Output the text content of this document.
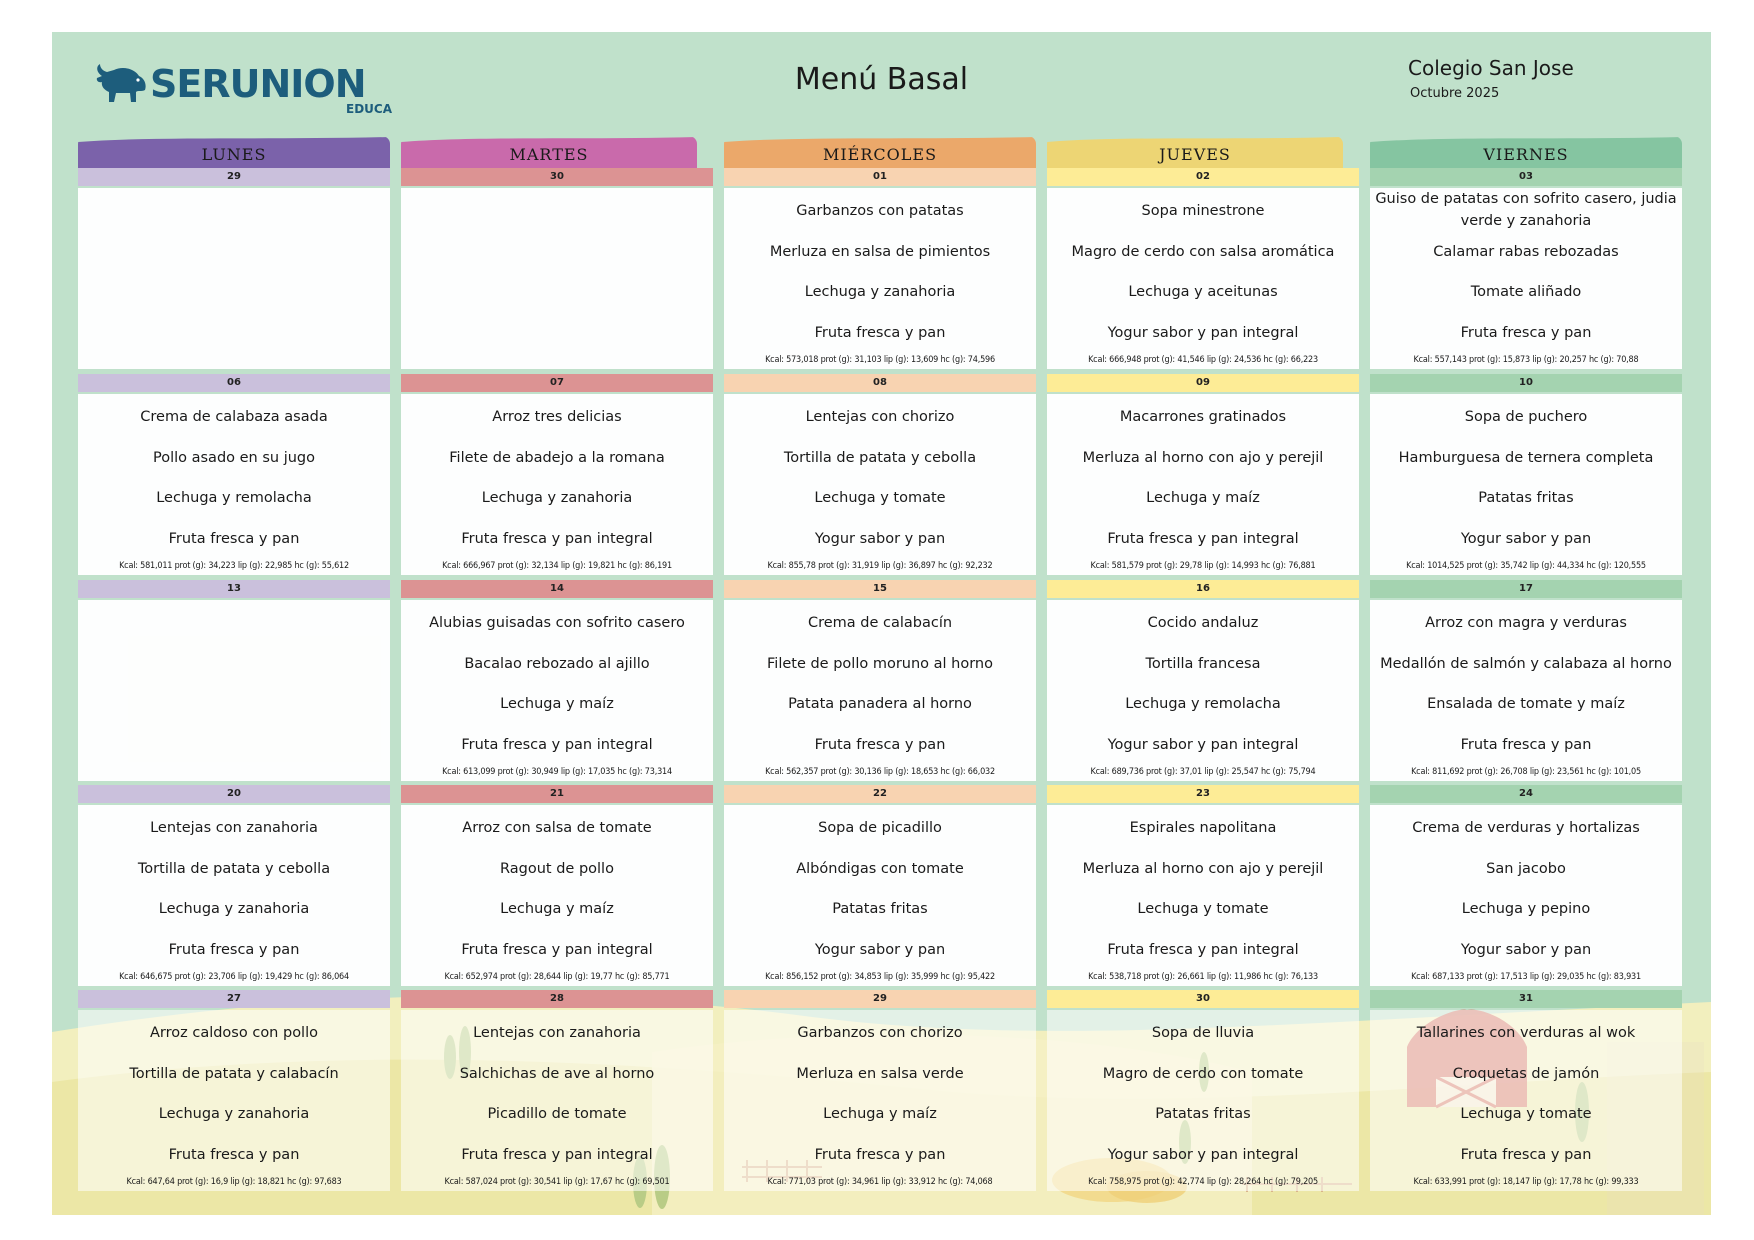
SERUNION
EDUCA
Menú Basal	Colegio San Jose
Octubre 2025
LUNES	MARTES	MIÉRCOLES	JUEVES	VIERNES
29	30	01
Garbanzos con patatas
Merluza en salsa de pimientos
Lechuga y zanahoria
Fruta fresca y pan
Kcal: 573,018 prot (g): 31,103 lip (g): 13,609 hc (g): 74,596
02
Sopa minestrone
Magro de cerdo con salsa aromática
Lechuga y aceitunas
Yogur sabor y pan integral
Kcal: 666,948 prot (g): 41,546 lip (g): 24,536 hc (g): 66,223
03
Guiso de patatas con sofrito casero, judia verde y zanahoria
Calamar rabas rebozadas
Tomate aliñado
Fruta fresca y pan
Kcal: 557,143 prot (g): 15,873 lip (g): 20,257 hc (g): 70,88
06
Crema de calabaza asada
Pollo asado en su jugo
Lechuga y remolacha
Fruta fresca y pan
Kcal: 581,011 prot (g): 34,223 lip (g): 22,985 hc (g): 55,612
07
Arroz tres delicias
Filete de abadejo a la romana
Lechuga y zanahoria
Fruta fresca y pan integral
Kcal: 666,967 prot (g): 32,134 lip (g): 19,821 hc (g): 86,191
08
Lentejas con chorizo
Tortilla de patata y cebolla
Lechuga y tomate
Yogur sabor y pan
Kcal: 855,78 prot (g): 31,919 lip (g): 36,897 hc (g): 92,232
09
Macarrones gratinados
Merluza al horno con ajo y perejil
Lechuga y maíz
Fruta fresca y pan integral
Kcal: 581,579 prot (g): 29,78 lip (g): 14,993 hc (g): 76,881
10
Sopa de puchero
Hamburguesa de ternera completa
Patatas fritas
Yogur sabor y pan
Kcal: 1014,525 prot (g): 35,742 lip (g): 44,334 hc (g): 120,555
13	14
Alubias guisadas con sofrito casero
Bacalao rebozado al ajillo
Lechuga y maíz
Fruta fresca y pan integral
Kcal: 613,099 prot (g): 30,949 lip (g): 17,035 hc (g): 73,314
15
Crema de calabacín
Filete de pollo moruno al horno
Patata panadera al horno
Fruta fresca y pan
Kcal: 562,357 prot (g): 30,136 lip (g): 18,653 hc (g): 66,032
16
Cocido andaluz
Tortilla francesa
Lechuga y remolacha
Yogur sabor y pan integral
Kcal: 689,736 prot (g): 37,01 lip (g): 25,547 hc (g): 75,794
17
Arroz con magra y verduras
Medallón de salmón y calabaza al horno
Ensalada de tomate y maíz
Fruta fresca y pan
Kcal: 811,692 prot (g): 26,708 lip (g): 23,561 hc (g): 101,05
20
Lentejas con zanahoria
Tortilla de patata y cebolla
Lechuga y zanahoria
Fruta fresca y pan
Kcal: 646,675 prot (g): 23,706 lip (g): 19,429 hc (g): 86,064
21
Arroz con salsa de tomate
Ragout de pollo
Lechuga y maíz
Fruta fresca y pan integral
Kcal: 652,974 prot (g): 28,644 lip (g): 19,77 hc (g): 85,771
22
Sopa de picadillo
Albóndigas con tomate
Patatas fritas
Yogur sabor y pan
Kcal: 856,152 prot (g): 34,853 lip (g): 35,999 hc (g): 95,422
23
Espirales napolitana
Merluza al horno con ajo y perejil
Lechuga y tomate
Fruta fresca y pan integral
Kcal: 538,718 prot (g): 26,661 lip (g): 11,986 hc (g): 76,133
24
Crema de verduras y hortalizas
San jacobo
Lechuga y pepino
Yogur sabor y pan
Kcal: 687,133 prot (g): 17,513 lip (g): 29,035 hc (g): 83,931
27
Arroz caldoso con pollo
Tortilla de patata y calabacín
Lechuga y zanahoria
Fruta fresca y pan
Kcal: 647,64 prot (g): 16,9 lip (g): 18,821 hc (g): 97,683
28
Lentejas con zanahoria
Salchichas de ave al horno
Picadillo de tomate
Fruta fresca y pan integral
Kcal: 587,024 prot (g): 30,541 lip (g): 17,67 hc (g): 69,501
29
Garbanzos con chorizo
Merluza en salsa verde
Lechuga y maíz
Fruta fresca y pan
Kcal: 771,03 prot (g): 34,961 lip (g): 33,912 hc (g): 74,068
30
Sopa de lluvia
Magro de cerdo con tomate
Patatas fritas
Yogur sabor y pan integral
Kcal: 758,975 prot (g): 42,774 lip (g): 28,264 hc (g): 79,205
31
Tallarines con verduras al wok
Croquetas de jamón
Lechuga y tomate
Fruta fresca y pan
Kcal: 633,991 prot (g): 18,147 lip (g): 17,78 hc (g): 99,333
